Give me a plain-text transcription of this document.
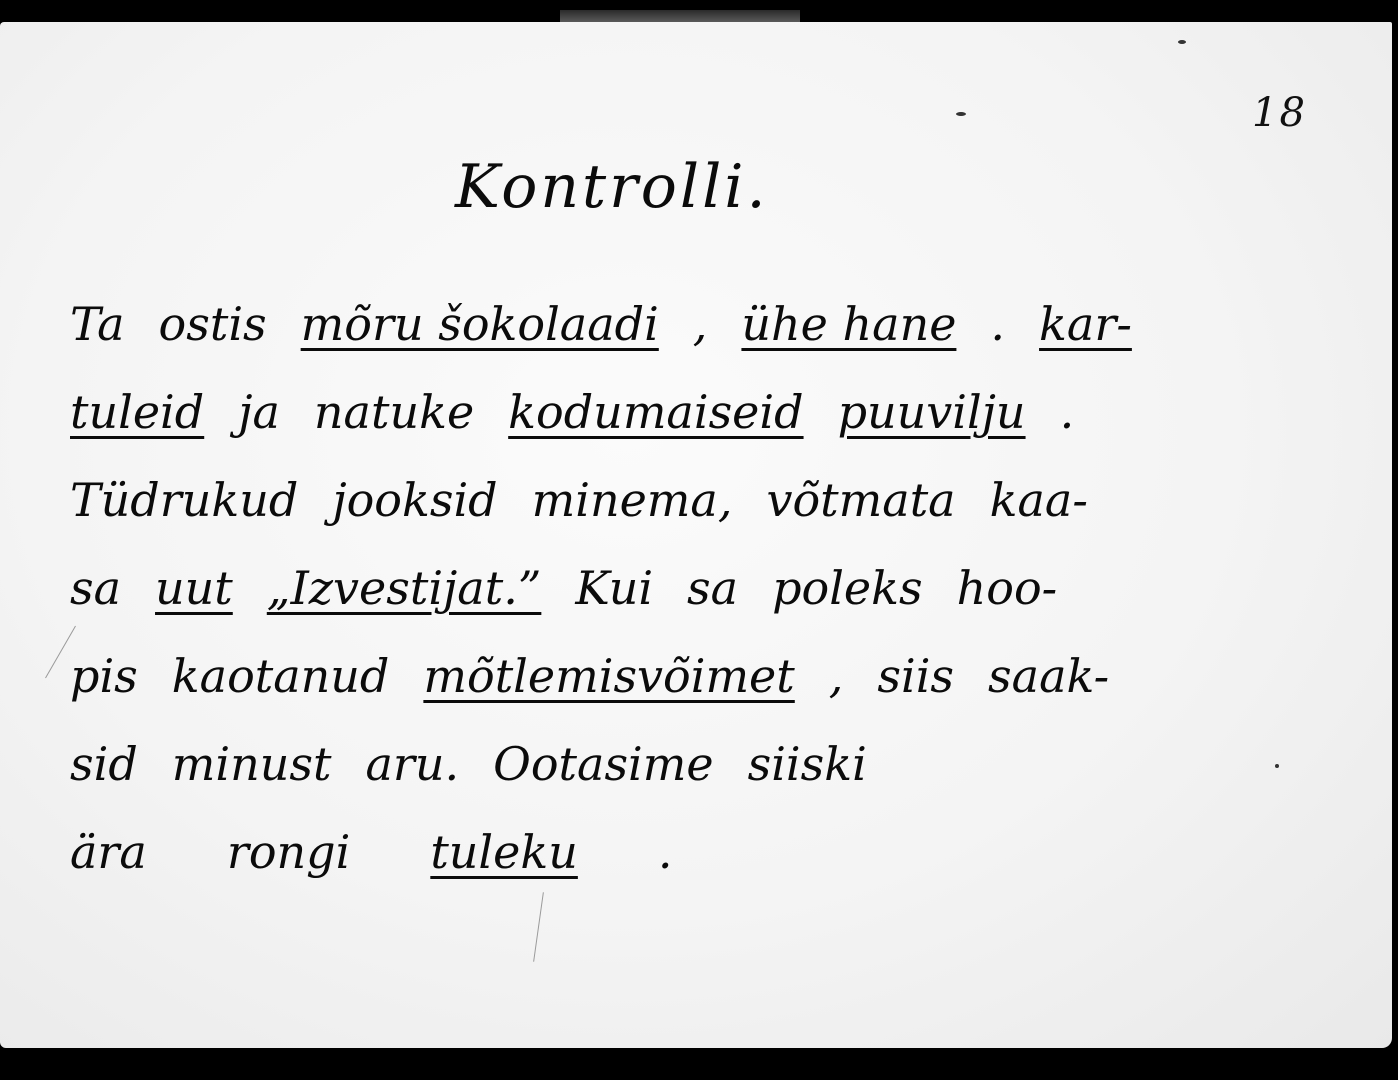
18
Kontrolli.
Ta ostis mõru šokolaadi , ühe hane . kar-
tuleid ja natuke kodumaiseid puuvilju .
Tüdrukud jooksid minema, võtmata kaa-
sa uut „Izvestijat.” Kui sa poleks hoo-
pis kaotanud mõtlemisvõimet , siis saak-
sid minust aru. Ootasime siiski
ära rongi tuleku .
